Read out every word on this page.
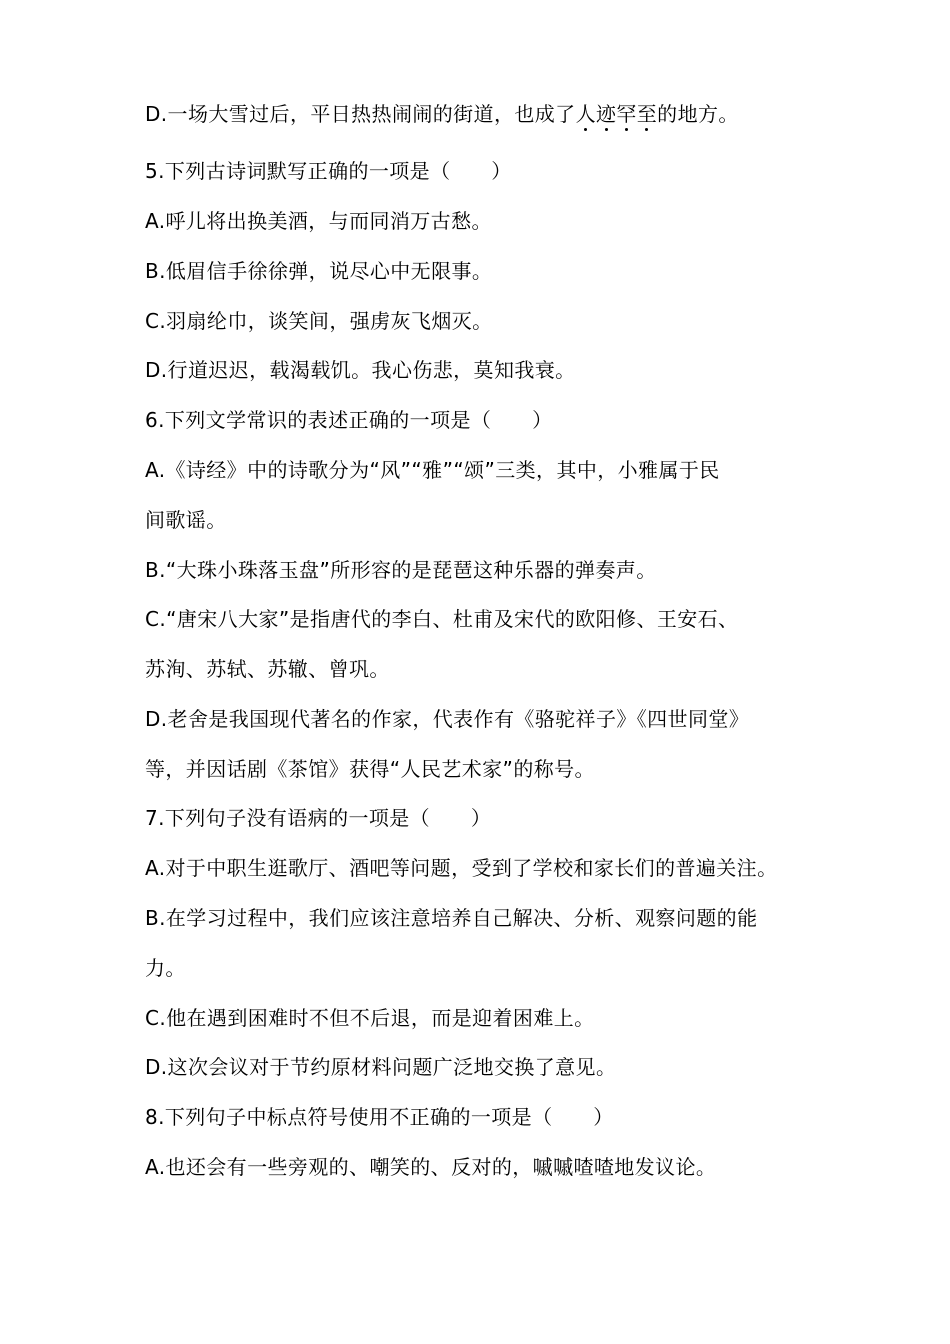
D.一场大雪过后，平日热热闹闹的街道，也成了人迹罕至
的地方。
5.下列古诗词默写正确的一项是（　　）
A.呼儿将出换美酒，与而同消万古愁。
B.低眉信手徐徐弹，说尽心中无限事。
C.羽扇纶巾，谈笑间，强虏灰飞烟灭。
D.行道迟迟，载渴载饥。我心伤悲，莫知我衰。
6.下列文学常识的表述正确的一项是（　　）
A.《诗经》中的诗歌分为“风”“雅”“颂”三类，其中，小雅属于民
间歌谣。
B.“大珠小珠落玉盘”所形容的是琵琶这种乐器的弹奏声。
C.“唐宋八大家”是指唐代的李白、杜甫及宋代的欧阳修、王安石、
苏洵、苏轼、苏辙、曾巩。
D.老舍是我国现代著名的作家，代表作有《骆驼祥子》《四世同堂》
等，并因话剧《茶馆》获得“人民艺术家”的称号。
7.下列句子没有语病的一项是（　　）
A.对于中职生逛歌厅、酒吧等问题，受到了学校和家长们的普遍关注。
B.在学习过程中，我们应该注意培养自己解决、分析、观察问题的能
力。
C.他在遇到困难时不但不后退，而是迎着困难上。
D.这次会议对于节约原材料问题广泛地交换了意见。
8.下列句子中标点符号使用不正确的一项是（　　）
A.也还会有一些旁观的、嘲笑的、反对的，嘁嘁喳喳地发议论。
